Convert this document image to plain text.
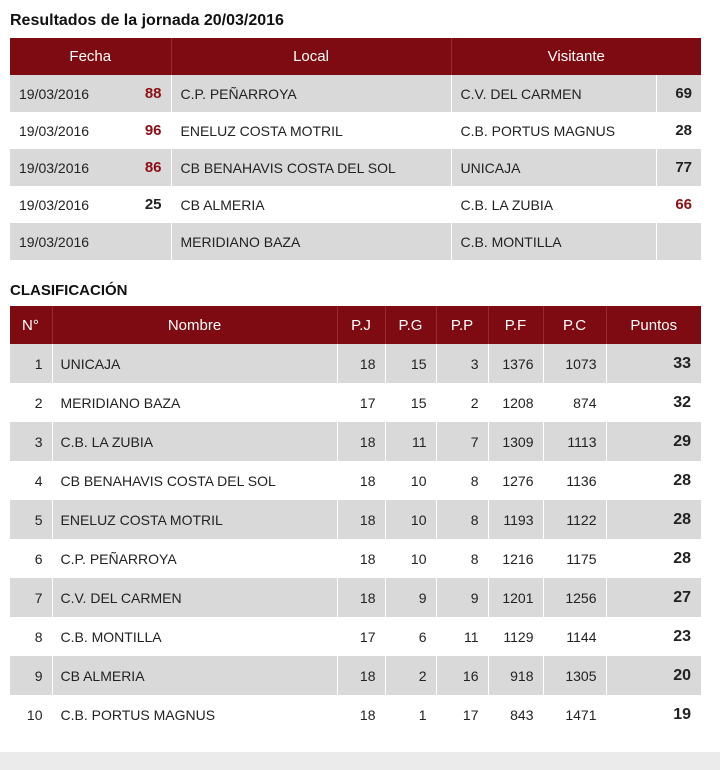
Resultados de la jornada 20/03/2016
Fecha		Local	Visitante	
19/03/2016	88	C.P. PEÑARROYA	C.V. DEL CARMEN	69
19/03/2016	96	ENELUZ COSTA MOTRIL	C.B. PORTUS MAGNUS	28
19/03/2016	86	CB BENAHAVIS COSTA DEL SOL	UNICAJA	77
19/03/2016	25	CB ALMERIA	C.B. LA ZUBIA	66
19/03/2016		MERIDIANO BAZA	C.B. MONTILLA	
CLASIFICACIÓN
N°	Nombre	P.J	P.G	P.P	P.F	P.C	Puntos
1	UNICAJA	18	15	3	1376	1073	33
2	MERIDIANO BAZA	17	15	2	1208	874	32
3	C.B. LA ZUBIA	18	11	7	1309	1113	29
4	CB BENAHAVIS COSTA DEL SOL	18	10	8	1276	1136	28
5	ENELUZ COSTA MOTRIL	18	10	8	1193	1122	28
6	C.P. PEÑARROYA	18	10	8	1216	1175	28
7	C.V. DEL CARMEN	18	9	9	1201	1256	27
8	C.B. MONTILLA	17	6	11	1129	1144	23
9	CB ALMERIA	18	2	16	918	1305	20
10	C.B. PORTUS MAGNUS	18	1	17	843	1471	19
